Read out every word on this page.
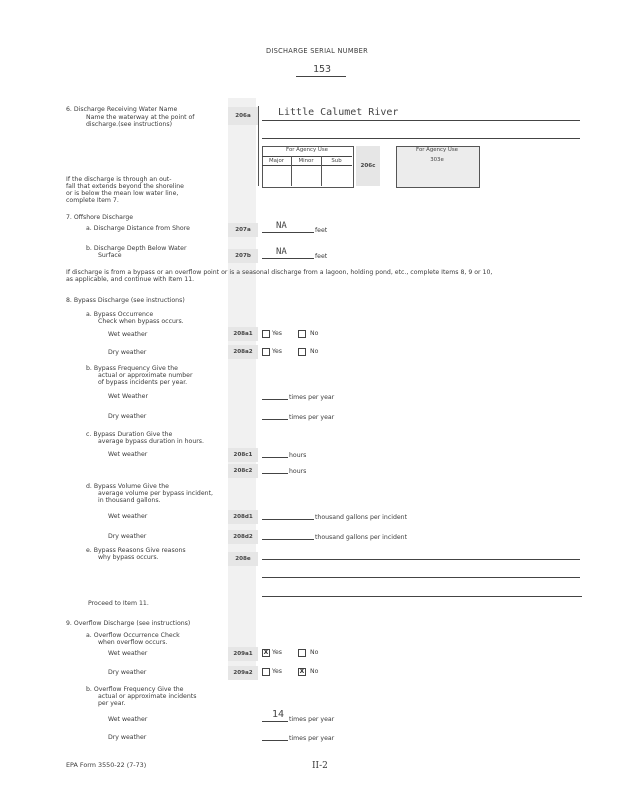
DISCHARGE SERIAL NUMBER
153
6. Discharge Receiving Water Name
Name the waterway at the point of
discharge.(see instructions)
206a	Little Calumet River
For Agency Use
Major	Minor	Sub
206c
For Agency Use
303e
If the discharge is through an out-
fall that extends beyond the shoreline
or is below the mean low water line,
complete Item 7.
7. Offshore Discharge
a. Discharge Distance from Shore	207a	NA	feet
b. Discharge Depth Below Water
Surface	207b	NA	feet
If discharge is from a bypass or an overflow point or is a seasonal discharge from a lagoon, holding pond, etc., complete Items 8, 9 or 10,
as applicable, and continue with Item 11.
8. Bypass Discharge (see instructions)
a. Bypass Occurrence
Check when bypass occurs.
Wet weather	208a1	Yes	No
Dry weather	208a2	Yes	No
b. Bypass Frequency Give the
actual or approximate number
of bypass incidents per year.
Wet Weather	times per year
Dry weather	times per year
c. Bypass Duration Give the
average bypass duration in hours.
Wet weather	208c1	hours
208c2	hours
d. Bypass Volume Give the
average volume per bypass incident,
in thousand gallons.
Wet weather	208d1	thousand gallons per incident
Dry weather	208d2	thousand gallons per incident
e. Bypass Reasons Give reasons
why bypass occurs.	208e
Proceed to Item 11.
9. Overflow Discharge (see instructions)
a. Overflow Occurrence Check
when overflow occurs.
Wet weather	209a1	X Yes	No
Dry weather	209a2	Yes	X No
b. Overflow Frequency Give the
actual or approximate incidents
per year.
Wet weather	14 times per year
Dry weather	times per year
EPA Form 3550-22 (7-73)	II-2
